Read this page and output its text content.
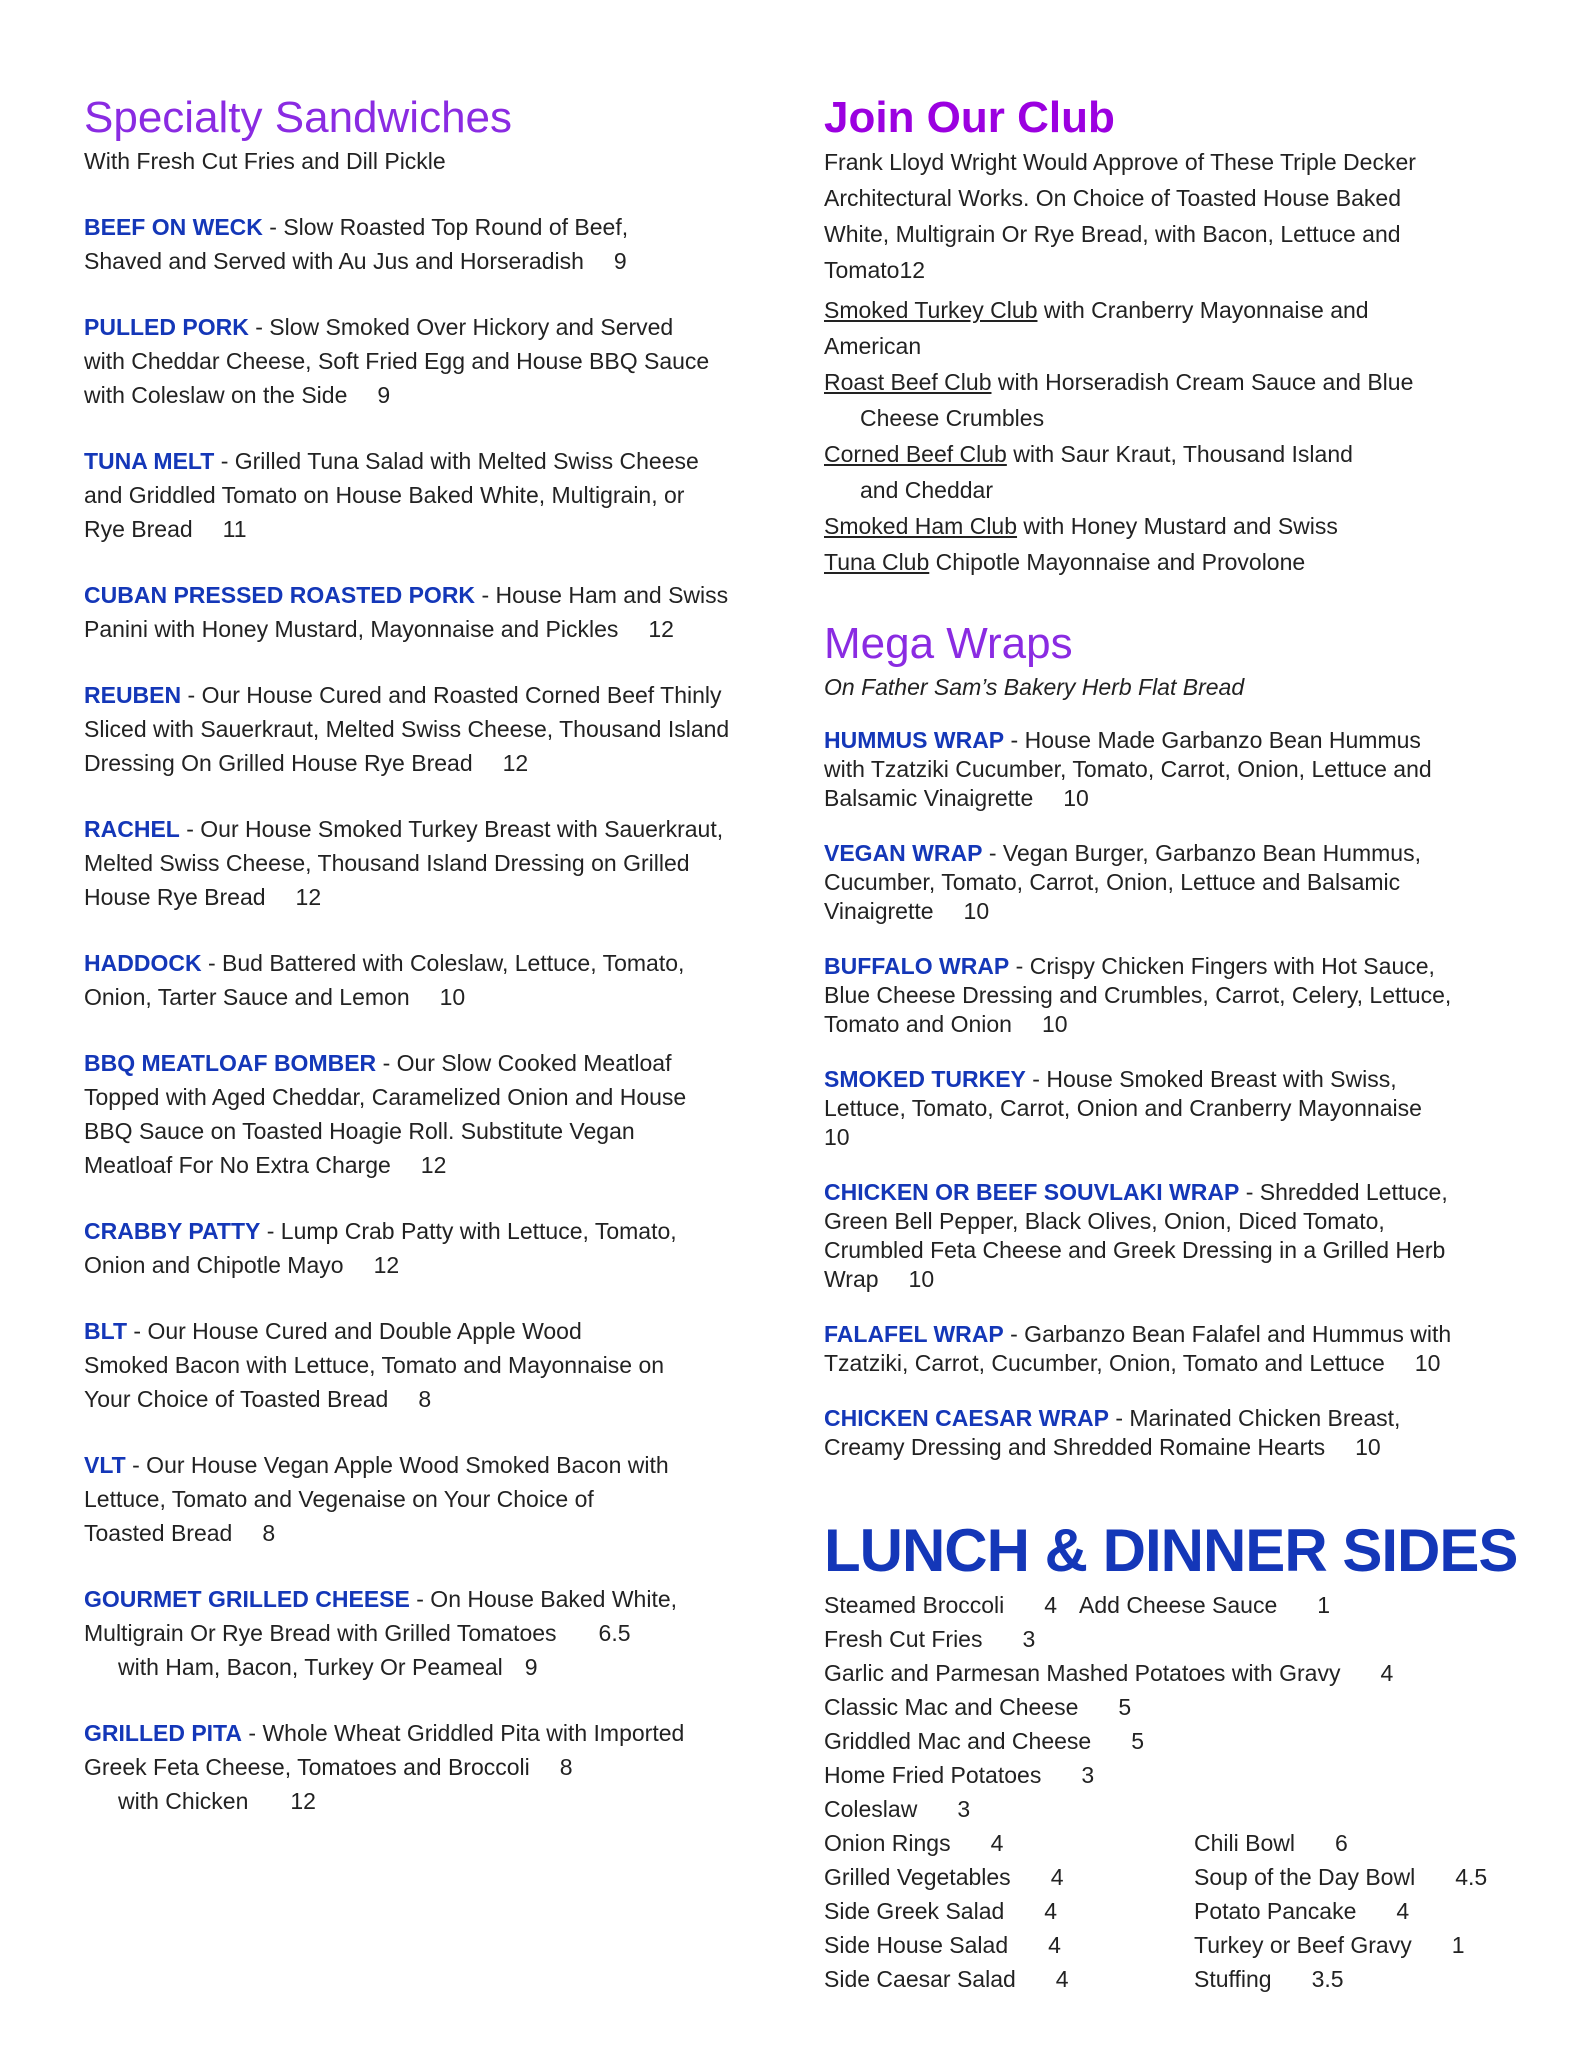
Specialty Sandwiches

With Fresh Cut Fries and Dill Pickle

BEEF ON WECK - Slow Roasted Top Round of Beef,

Shaved and Served with Au Jus and Horseradish 9

PULLED PORK - Slow Smoked Over Hickory and Served

with Cheddar Cheese, Soft Fried Egg and House BBQ Sauce

with Coleslaw on the Side 9

TUNA MELT - Grilled Tuna Salad with Melted Swiss Cheese

and Griddled Tomato on House Baked White, Multigrain, or

Rye Bread 11

CUBAN PRESSED ROASTED PORK - House Ham and Swiss

Panini with Honey Mustard, Mayonnaise and Pickles 12

REUBEN - Our House Cured and Roasted Corned Beef Thinly

Sliced with Sauerkraut, Melted Swiss Cheese, Thousand Island

Dressing On Grilled House Rye Bread 12

RACHEL - Our House Smoked Turkey Breast with Sauerkraut,

Melted Swiss Cheese, Thousand Island Dressing on Grilled

House Rye Bread 12

HADDOCK - Bud Battered with Coleslaw, Lettuce, Tomato,

Onion, Tarter Sauce and Lemon 10

BBQ MEATLOAF BOMBER - Our Slow Cooked Meatloaf

Topped with Aged Cheddar, Caramelized Onion and House

BBQ Sauce on Toasted Hoagie Roll. Substitute Vegan

Meatloaf For No Extra Charge 12

CRABBY PATTY - Lump Crab Patty with Lettuce, Tomato,

Onion and Chipotle Mayo 12

BLT - Our House Cured and Double Apple Wood

Smoked Bacon with Lettuce, Tomato and Mayonnaise on

Your Choice of Toasted Bread 8

VLT - Our House Vegan Apple Wood Smoked Bacon with

Lettuce, Tomato and Vegenaise on Your Choice of

Toasted Bread 8

GOURMET GRILLED CHEESE - On House Baked White,

Multigrain Or Rye Bread with Grilled Tomatoes 6.5

with Ham, Bacon, Turkey Or Peameal 9

GRILLED PITA - Whole Wheat Griddled Pita with Imported

Greek Feta Cheese, Tomatoes and Broccoli 8

with Chicken 12

Join Our Club

Frank Lloyd Wright Would Approve of These Triple Decker

Architectural Works. On Choice of Toasted House Baked

White, Multigrain Or Rye Bread, with Bacon, Lettuce and

Tomato12

Smoked Turkey Club with Cranberry Mayonnaise and

American

Roast Beef Club with Horseradish Cream Sauce and Blue

Cheese Crumbles

Corned Beef Club with Saur Kraut, Thousand Island

and Cheddar

Smoked Ham Club with Honey Mustard and Swiss

Tuna Club Chipotle Mayonnaise and Provolone

Mega Wraps

On Father Sam’s Bakery Herb Flat Bread

HUMMUS WRAP - House Made Garbanzo Bean Hummus

with Tzatziki Cucumber, Tomato, Carrot, Onion, Lettuce and

Balsamic Vinaigrette 10

VEGAN WRAP - Vegan Burger, Garbanzo Bean Hummus,

Cucumber, Tomato, Carrot, Onion, Lettuce and Balsamic

Vinaigrette 10

BUFFALO WRAP - Crispy Chicken Fingers with Hot Sauce,

Blue Cheese Dressing and Crumbles, Carrot, Celery, Lettuce,

Tomato and Onion 10

SMOKED TURKEY - House Smoked Breast with Swiss,

Lettuce, Tomato, Carrot, Onion and Cranberry Mayonnaise

10

CHICKEN OR BEEF SOUVLAKI WRAP - Shredded Lettuce,

Green Bell Pepper, Black Olives, Onion, Diced Tomato,

Crumbled Feta Cheese and Greek Dressing in a Grilled Herb

Wrap 10

FALAFEL WRAP - Garbanzo Bean Falafel and Hummus with

Tzatziki, Carrot, Cucumber, Onion, Tomato and Lettuce 10

CHICKEN CAESAR WRAP - Marinated Chicken Breast,

Creamy Dressing and Shredded Romaine Hearts 10

LUNCH & DINNER SIDES
Steamed Broccoli 4 Add Cheese Sauce 1
Fresh Cut Fries 3
Garlic and Parmesan Mashed Potatoes with Gravy 4
Classic Mac and Cheese 5
Griddled Mac and Cheese 5
Home Fried Potatoes 3
Coleslaw 3
Onion Rings 4	Chili Bowl 6
Grilled Vegetables 4	Soup of the Day Bowl 4.5
Side Greek Salad 4	Potato Pancake 4
Side House Salad 4	Turkey or Beef Gravy 1
Side Caesar Salad 4	Stuffing 3.5
